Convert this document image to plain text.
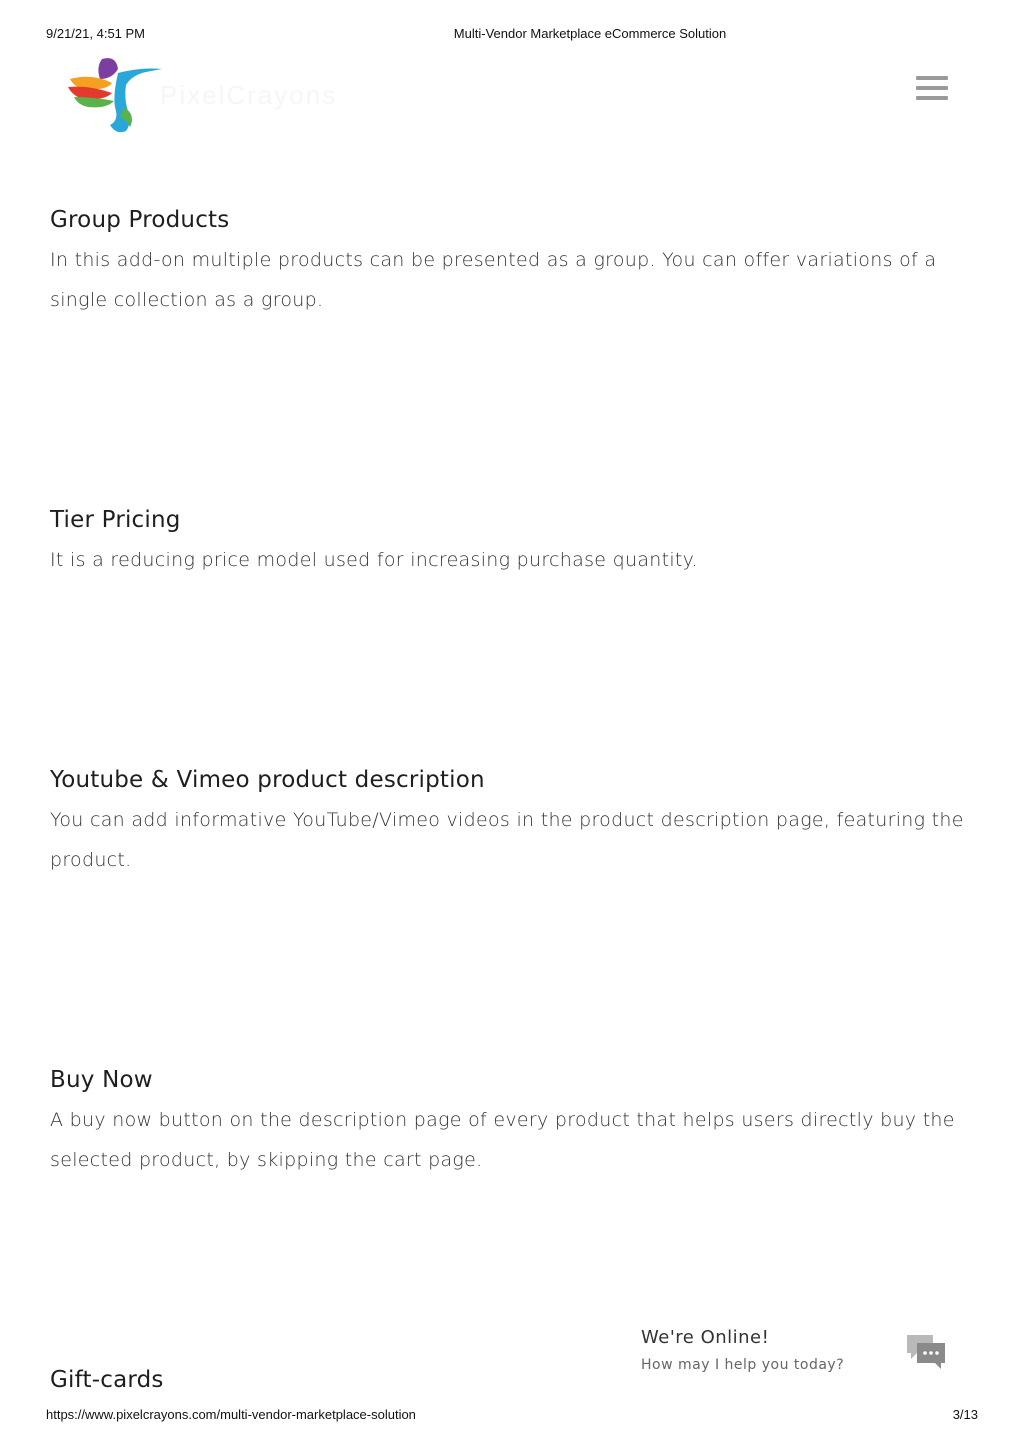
9/21/21, 4:51 PM	Multi-Vendor Marketplace eCommerce Solution
PixelCrayons
Group Products

In this add-on multiple products can be presented as a group. You can offer variations of a single collection as a group.

Tier Pricing

It is a reducing price model used for increasing purchase quantity.

Youtube & Vimeo product description

You can add informative YouTube/Vimeo videos in the product description page, featuring the product.

Buy Now

A buy now button on the description page of every product that helps users directly buy the selected product, by skipping the cart page.

Gift-cards
We're Online!
How may I help you today?
https://www.pixelcrayons.com/multi-vendor-marketplace-solution	3/13
